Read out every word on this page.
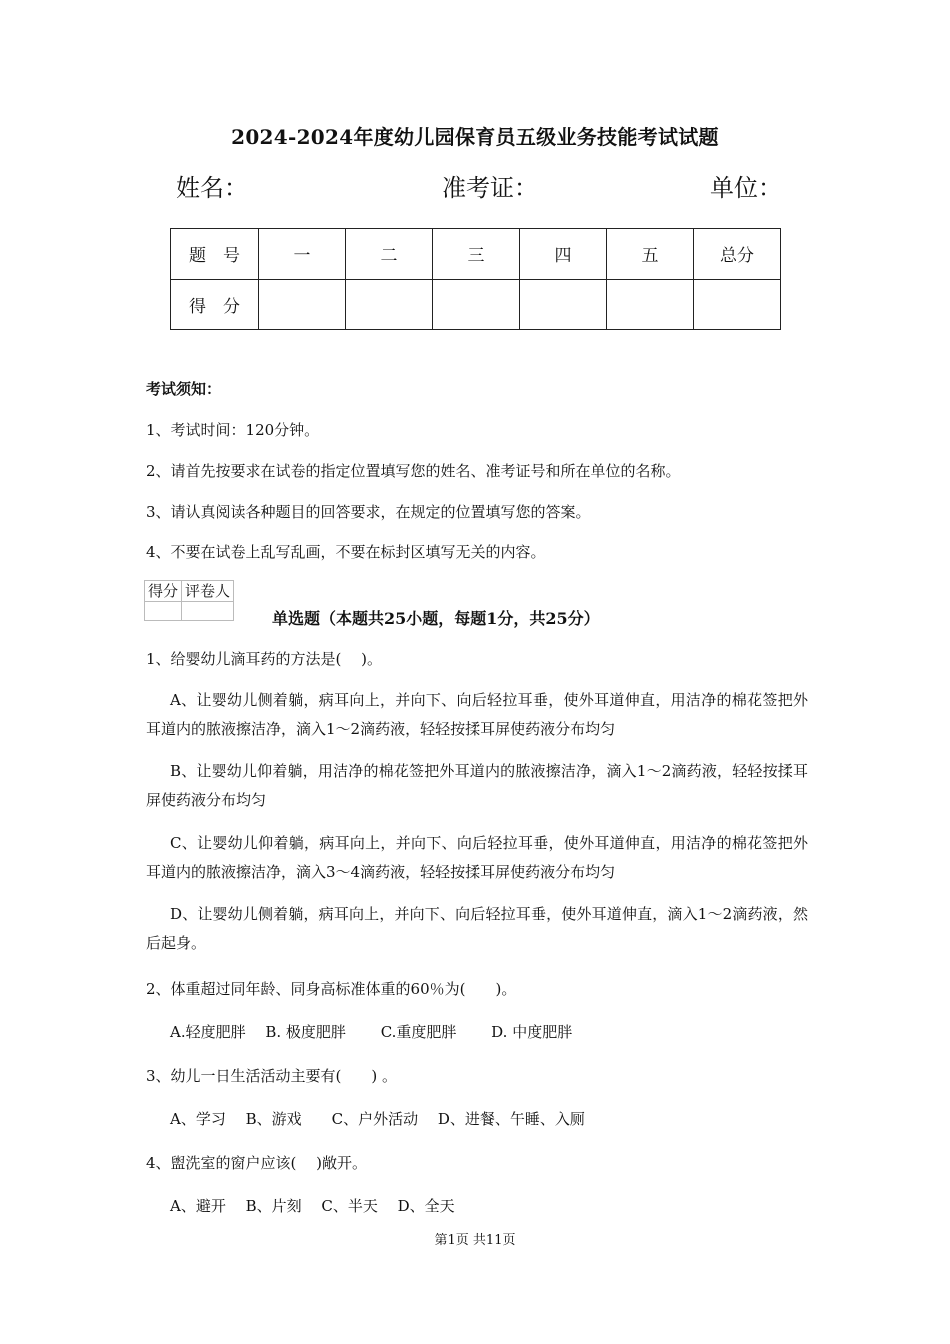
2024-2024年度幼儿园保育员五级业务技能考试试题
姓名：	准考证：	单位：
题　号	一	二	三	四	五	总分
得　分						
考试须知：
1、考试时间：120分钟。
2、请首先按要求在试卷的指定位置填写您的姓名、准考证号和所在单位的名称。
3、请认真阅读各种题目的回答要求，在规定的位置填写您的答案。
4、不要在试卷上乱写乱画，不要在标封区填写无关的内容。
得分	评卷人

单选题（本题共25小题，每题1分，共25分）
1、给婴幼儿滴耳药的方法是(　 )。
A、让婴幼儿侧着躺，病耳向上，并向下、向后轻拉耳垂，使外耳道伸直，用洁净的棉花签把外耳道内的脓液擦洁净，滴入1～2滴药液，轻轻按揉耳屏使药液分布均匀
B、让婴幼儿仰着躺，用洁净的棉花签把外耳道内的脓液擦洁净，滴入1～2滴药液，轻轻按揉耳屏使药液分布均匀
C、让婴幼儿仰着躺，病耳向上，并向下、向后轻拉耳垂，使外耳道伸直，用洁净的棉花签把外耳道内的脓液擦洁净，滴入3～4滴药液，轻轻按揉耳屏使药液分布均匀
D、让婴幼儿侧着躺，病耳向上，并向下、向后轻拉耳垂，使外耳道伸直，滴入1～2滴药液，然后起身。
2、体重超过同年龄、同身高标准体重的60％为(　　)。
A.轻度肥胖　 B. 极度肥胖　　 C.重度肥胖　　 D. 中度肥胖
3、幼儿一日生活活动主要有(　　) 。
A、学习　 B、游戏　　C、户外活动　 D、进餐、午睡、入厕
4、盥洗室的窗户应该(　 )敞开。
A、避开　 B、片刻　 C、半天　 D、全天
第1页 共11页
